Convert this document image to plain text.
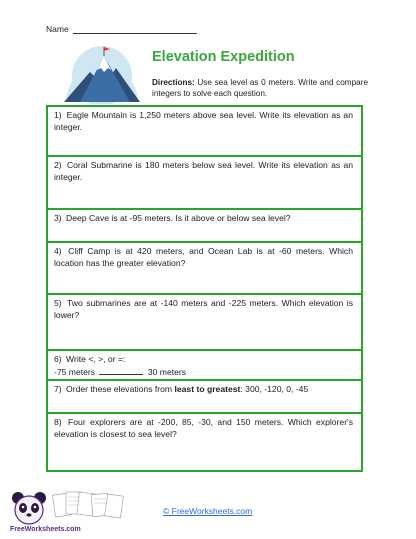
Name
Elevation Expedition
Directions: Use sea level as 0 meters. Write and compare integers to solve each question.
1) Eagle Mountain is 1,250 meters above sea level. Write its elevation as an integer.
2) Coral Submarine is 180 meters below sea level. Write its elevation as an integer.
3) Deep Cave is at -95 meters. Is it above or below sea level?
4) Cliff Camp is at 420 meters, and Ocean Lab is at -60 meters. Which location has the greater elevation?
5) Two submarines are at -140 meters and -225 meters. Which elevation is lower?
6) Write <, >, or =:
-75 meters	30 meters
7) Order these elevations from least to greatest: 300, -120, 0, -45
8) Four explorers are at -200, 85, -30, and 150 meters. Which explorer's elevation is closest to sea level?
FreeWorksheets.com
© FreeWorksheets.com
